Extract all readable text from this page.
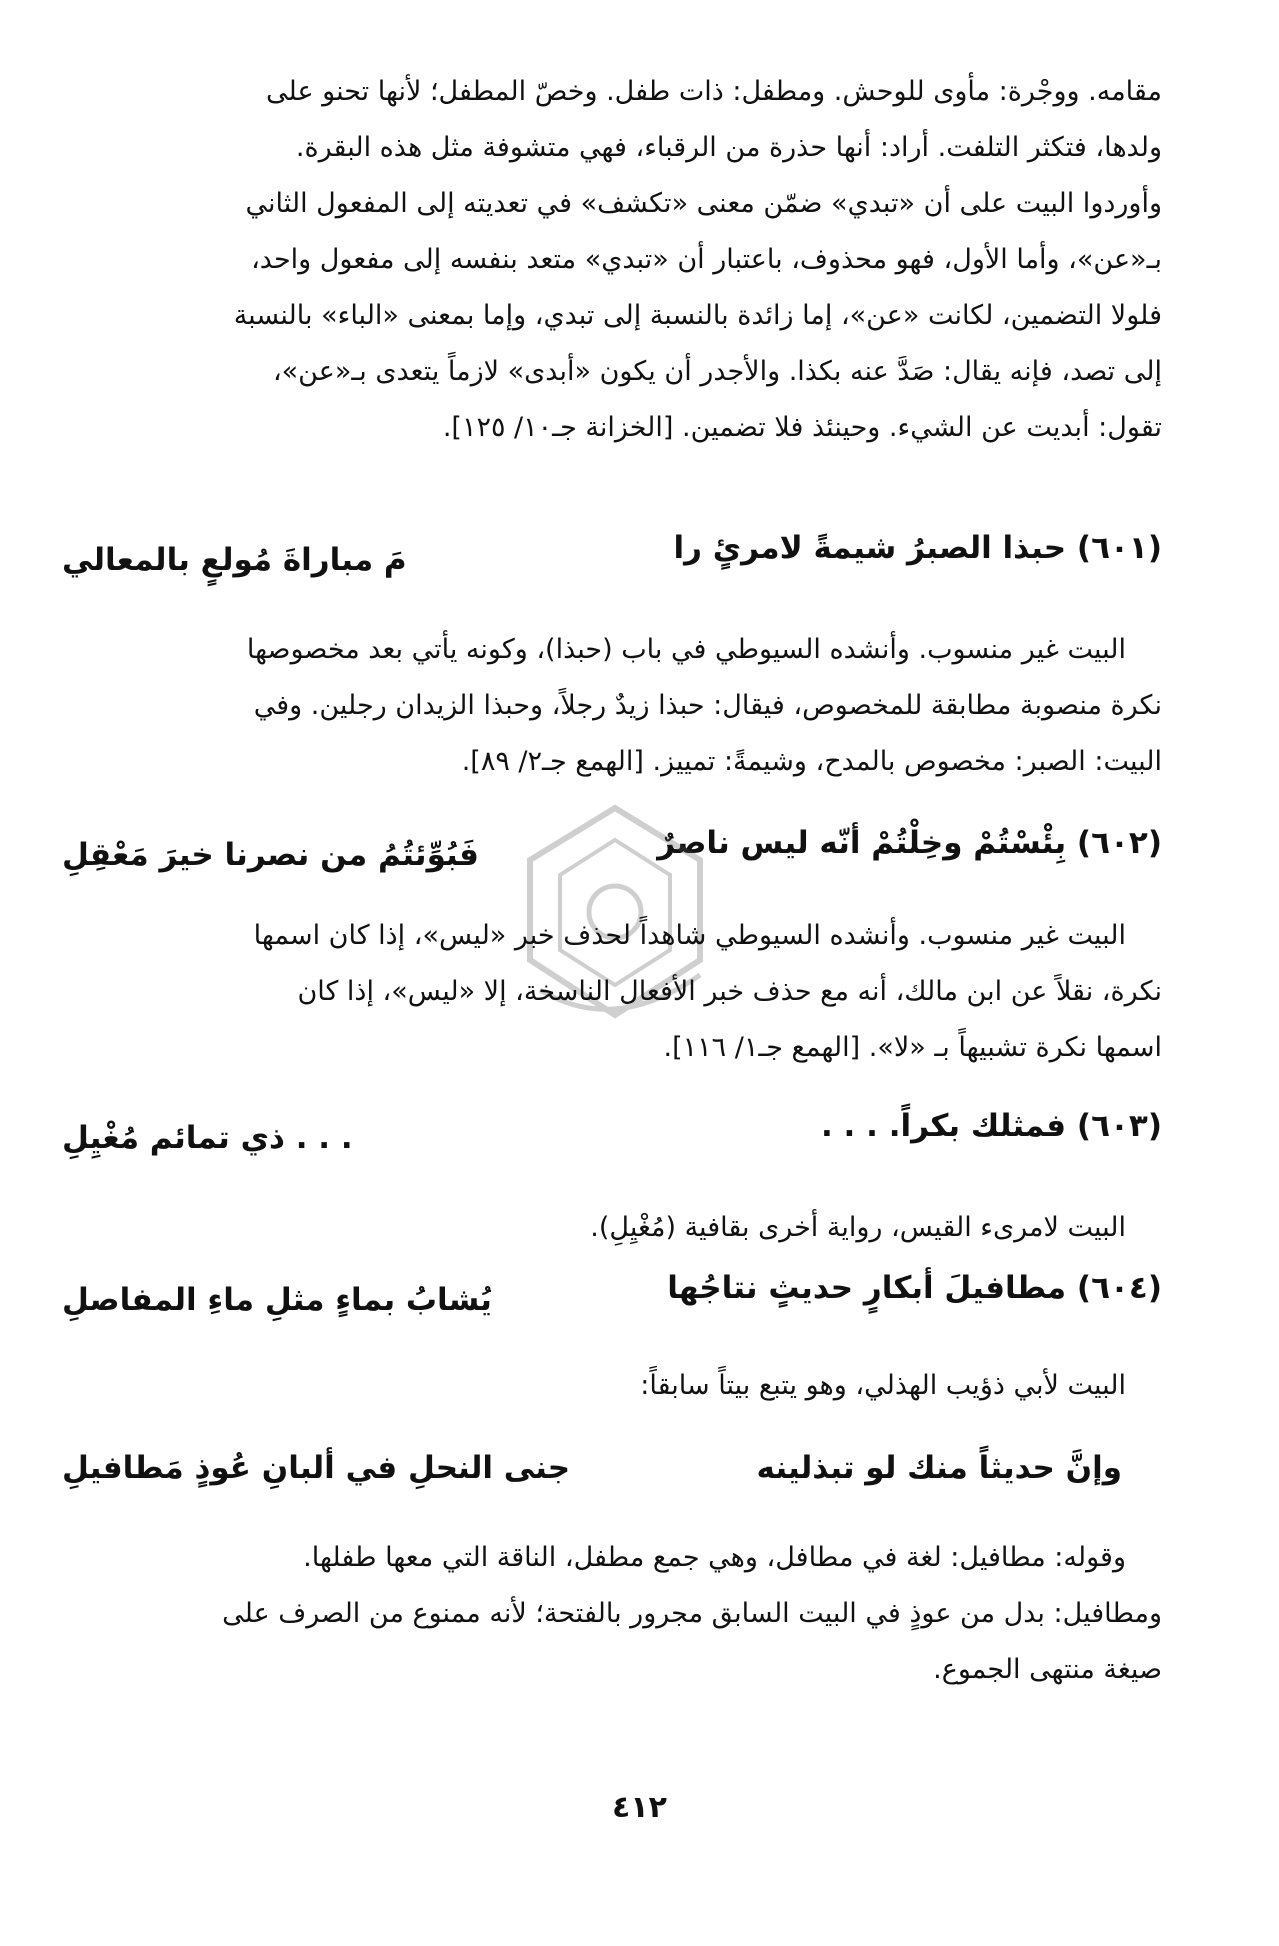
مقامه. ووجْرة: مأوى للوحش. ومطفل: ذات طفل. وخصّ المطفل؛ لأنها تحنو على

ولدها، فتكثر التلفت. أراد: أنها حذرة من الرقباء، فهي متشوفة مثل هذه البقرة.

وأوردوا البيت على أن «تبدي» ضمّن معنى «تكشف» في تعديته إلى المفعول الثاني

بـ«عن»، وأما الأول، فهو محذوف، باعتبار أن «تبدي» متعد بنفسه إلى مفعول واحد،

فلولا التضمين، لكانت «عن»، إما زائدة بالنسبة إلى تبدي، وإما بمعنى «الباء» بالنسبة

إلى تصد، فإنه يقال: صَدَّ عنه بكذا. والأجدر أن يكون «أبدى» لازماً يتعدى بـ«عن»،

تقول: أبديت عن الشيء. وحينئذ فلا تضمين. [الخزانة جـ١٠/ ١٢٥].

(٦٠١) حبذا الصبرُ شيمةً لامرئٍ را
مَ مباراةَ مُولعٍ بالمعالي

البيت غير منسوب. وأنشده السيوطي في باب (حبذا)، وكونه يأتي بعد مخصوصها

نكرة منصوبة مطابقة للمخصوص، فيقال: حبذا زيدٌ رجلاً، وحبذا الزيدان رجلين. وفي

البيت: الصبر: مخصوص بالمدح، وشيمةً: تمييز. [الهمع جـ٢/ ٨٩].

(٦٠٢) بِئْسْتُمْ وخِلْتُمْ أنّه ليس ناصرٌ
فَبُوِّئتُمُ من نصرنا خيرَ مَعْقِلِ

البيت غير منسوب. وأنشده السيوطي شاهداً لحذف خبر «ليس»، إذا كان اسمها

نكرة، نقلاً عن ابن مالك، أنه مع حذف خبر الأفعال الناسخة، إلا «ليس»، إذا كان

اسمها نكرة تشبيهاً بـ «لا». [الهمع جـ١/ ١١٦].

(٦٠٣) فمثلك بكراً. . . .
. . . ذي تمائم مُغْيِلِ

البيت لامرىء القيس، رواية أخرى بقافية (مُغْيِلِ).

(٦٠٤) مطافيلَ أبكارٍ حديثٍ نتاجُها
يُشابُ بماءٍ مثلِ ماءِ المفاصلِ

البيت لأبي ذؤيب الهذلي، وهو يتبع بيتاً سابقاً:

وإنَّ حديثاً منك لو تبذلينه
جنى النحلِ في ألبانِ عُوذٍ مَطافيلِ

وقوله: مطافيل: لغة في مطافل، وهي جمع مطفل، الناقة التي معها طفلها.

ومطافيل: بدل من عوذٍ في البيت السابق مجرور بالفتحة؛ لأنه ممنوع من الصرف على

صيغة منتهى الجموع.

٤١٢
